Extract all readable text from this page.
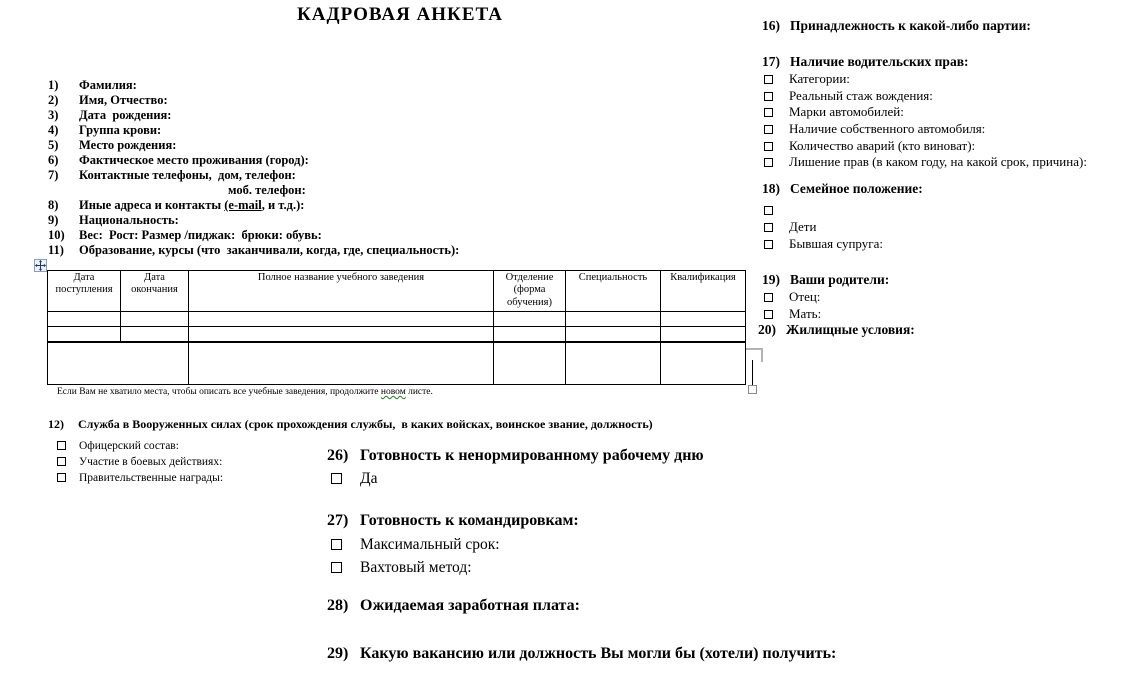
КАДРОВАЯ АНКЕТА
1) Фамилия:
2) Имя, Отчество:
3) Дата  рождения:
4) Группа крови:
5) Место рождения:
6) Фактическое место проживания (город):
7) Контактные телефоны,  дом, телефон:
моб. телефон:
8) Иные адреса и контакты (e-mail, и т.д.):
9) Национальность:
10) Вес:  Рост: Размер /пиджак:  брюки: обувь:
11) Образование, курсы (что  заканчивали, когда, где, специальность):
Дата поступления	Дата окончания	Полное название учебного заведения	Отделение (форма обучения)	Специальность	Квалификация

Если Вам не хватило места, чтобы описать все учебные заведения, продолжите новом листе.
12) Служба в Вооруженных силах (срок прохождения службы,  в каких войсках, воинское звание, должность)
Офицерский состав:
Участие в боевых действиях:
Правительственные награды:
16) Принадлежность к какой-либо партии:
17) Наличие водительских прав:
Категории:
Реальный стаж вождения:
Марки автомобилей:
Наличие собственного автомобиля:
Количество аварий (кто виноват):
Лишение прав (в каком году, на какой срок, причина):
18) Семейное положение:
Дети
Бывшая супруга:
19) Ваши родители:
Отец:
Мать:
20) Жилищные условия:
26) Готовность к ненормированному рабочему дню
Да
27) Готовность к командировкам:
Максимальный срок:
Вахтовый метод:
28) Ожидаемая заработная плата:
29) Какую вакансию или должность Вы могли бы (хотели) получить:
